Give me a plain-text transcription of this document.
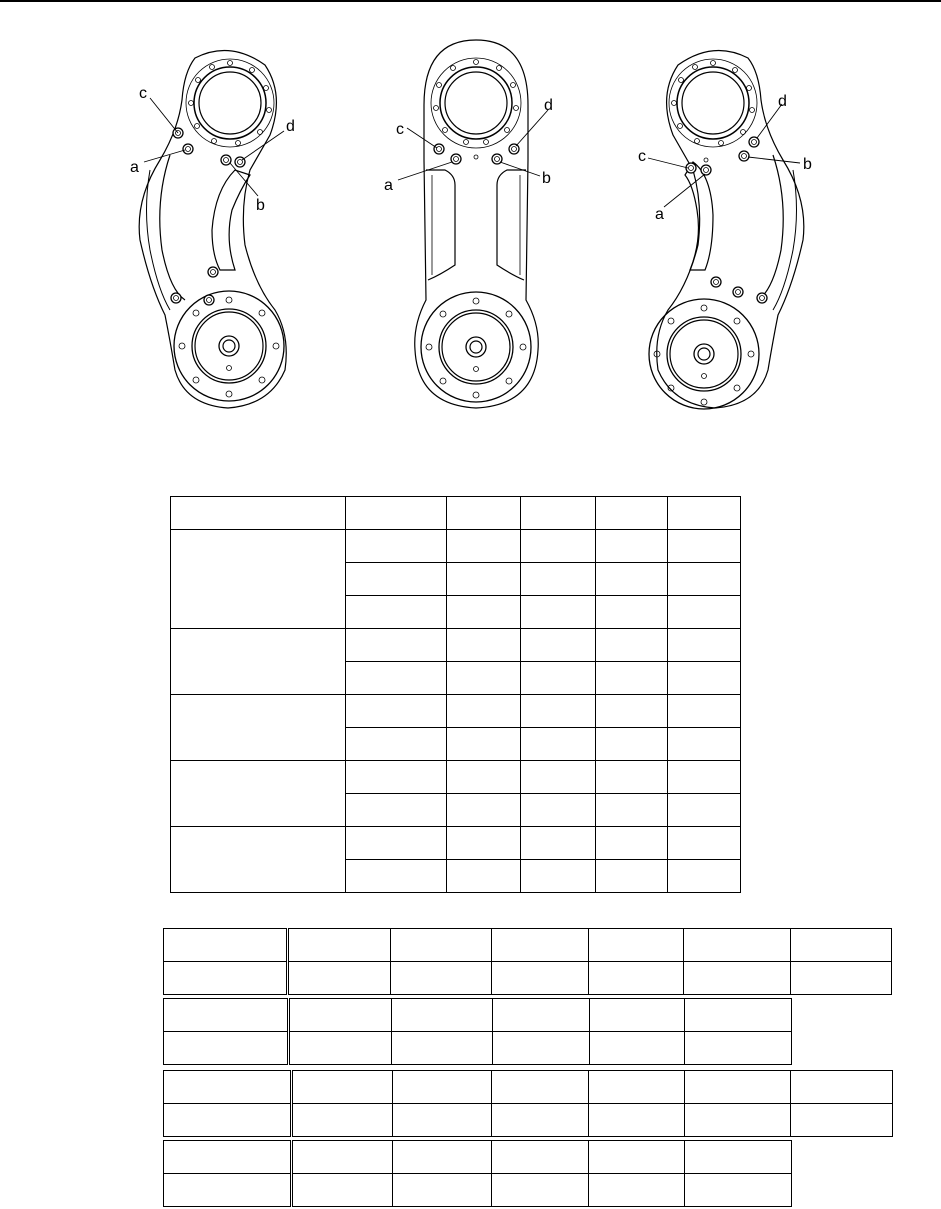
c
a
d
b
c
a
d
b
d
b
c
a
